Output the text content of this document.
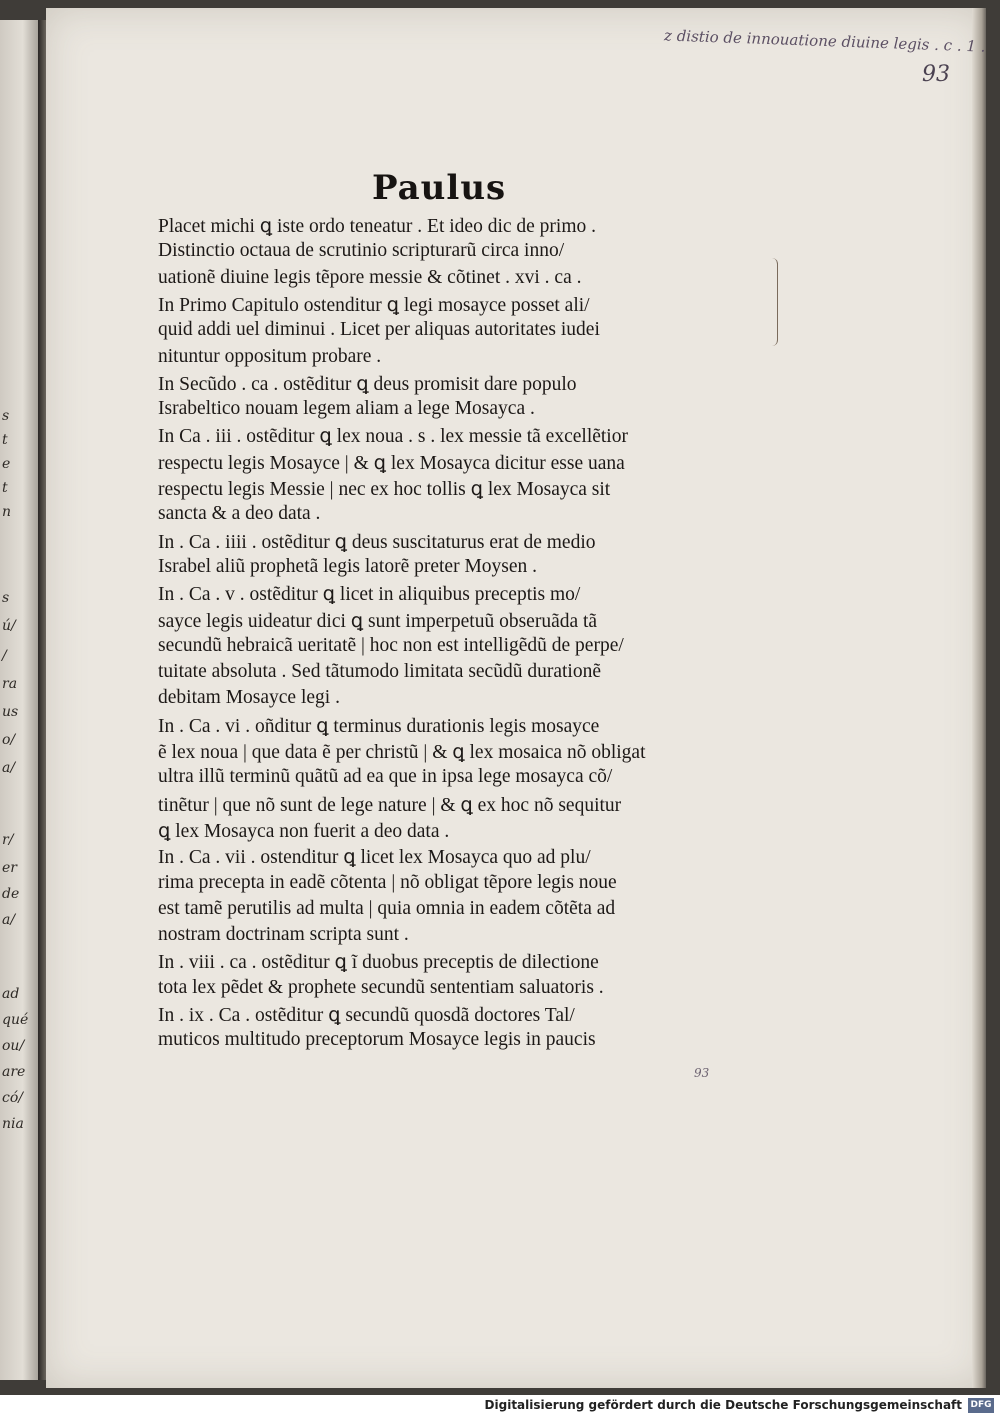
s
t
e
t
n
s
ú/
/
ra
us
o/
a/
r/
er
de
a/
ad
qué
ou/
are
có/
nia
z distio de innouatione diuine legis . c . 1 .
93
Paulus
Placet michi ꝗ iste ordo teneatur . Et ideo dic de primo .
Distinctio octaua de scrutinio scripturarũ circa inno/
uationẽ diuine legis tẽpore messie & cõtinet . xvi . ca .
In Primo Capitulo ostenditur ꝗ legi mosayce posset ali/
quid addi uel diminui . Licet per aliquas autoritates iudei
nituntur oppositum probare .
In Secũdo . ca . ostẽditur ꝗ deus promisit dare populo
Israbeltico nouam legem aliam a lege Mosayca .
In Ca . iii . ostẽditur ꝗ lex noua . s . lex messie tã excellẽtior
respectu legis Mosayce | & ꝗ lex Mosayca dicitur esse uana
respectu legis Messie | nec ex hoc tollis ꝗ lex Mosayca sit
sancta & a deo data .
In . Ca . iiii . ostẽditur ꝗ deus suscitaturus erat de medio
Israbel aliũ prophetã legis latorẽ preter Moysen .
In . Ca . v . ostẽditur ꝗ licet in aliquibus preceptis mo/
sayce legis uideatur dici ꝗ sunt imperpetuũ obseruãda tã
secundũ hebraicã ueritatẽ | hoc non est intelligẽdũ de perpe/
tuitate absoluta . Sed tãtumodo limitata secũdũ durationẽ
debitam Mosayce legi .
In . Ca . vi . oñditur ꝗ terminus durationis legis mosayce
ẽ lex noua | que data ẽ per christũ | & ꝗ lex mosaica nõ obligat
ultra illũ terminũ quãtũ ad ea que in ipsa lege mosayca cõ/
tinẽtur | que nõ sunt de lege nature | & ꝗ ex hoc nõ sequitur
ꝗ lex Mosayca non fuerit a deo data .
In . Ca . vii . ostenditur ꝗ licet lex Mosayca quo ad plu/
rima precepta in eadẽ cõtenta | nõ obligat tẽpore legis noue
est tamẽ perutilis ad multa | quia omnia in eadem cõtẽta ad
nostram doctrinam scripta sunt .
In . viii . ca . ostẽditur ꝗ ĩ duobus preceptis de dilectione
tota lex pẽdet & prophete secundũ sententiam saluatoris .
In . ix . Ca . ostẽditur ꝗ secundũ quosdã doctores Tal/
muticos multitudo preceptorum Mosayce legis in paucis
93
Digitalisierung gefördert durch die Deutsche Forschungsgemeinschaft DFG
